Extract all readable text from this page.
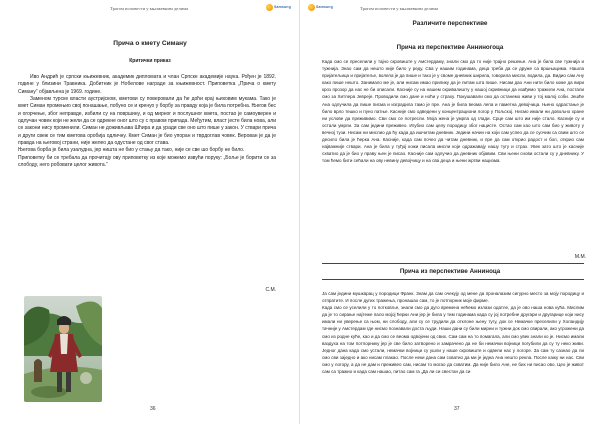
Трагом исповести у књижевним делима	Samsung
Прича о кмету Симану
Критички приказ

Иво Андрић је српски књижевник, академик дипломата и члан Српске академије наука. Рођен је 1892. године у близини Травника. Добитник је Нобелове награде за књижевност. Приповетка „Прича о кмету Симану“ објављена је 1969. године.

Заменом турске власти аустријском, кметови су поверовали да ће доћи крај њиховим мукама. Тако је кмет Симан промењио свој понашање, побуно се и кренуо у борбу за правду која је била потребна. Његов бес и огорчење, због неправде, избили су на површину, и од мирног и послушног кмета, постао је самоуверен и одлучан човек који не жели да се одрекне оног што су с правом припада. Међутим, власт јесте била нова, али се закони нису променили. Симан не доживљава Шћира и да уради све оно што пише у закон. У ствари прича и други свеж се тим кметова оробија одличну. Кмет Симан је био упоран и тврдоглав човек. Верован је да је правда на његовој страни, није желео да одустане од свог става.

Његова борба је била узалудна, јер ништа не био у стању да тако, није се све шо борбу не било.

Приповетку би се требала да прочитају ову приповетку из које можемо извући поруку: „Боље је борити се за слободу, него робовати целог живота.“

С.М.
36
Samsung	Трагом исповести у књижевним делима
Различите перспективе
Прича из перспективе Анниногоца

Када смо се преселили у тајно скровиште у Амстердаму, знали смо да то није трајно решење. Ана је била све тужнија и тужнија. Знао сам да нешто није било у реду. Сва у нашим годинама, деца треба да се друже са вршњацима. Нашла пријатељица и пријатеље, волела је да пише и тако је у своме дневник ширила, говорила мисли, водила, да. Видио сам Ану како пише нешто. Занимало ме је, али нисам имао прилику да је питам шта пише. Нисам дао Ани нити било коме да вири кроз прозор да нас не би описали. Касније су на нашем скривалишту у нашој скривници да изађемо тражили Ана, постали смо за Хитлера Јевреје. Проводили смо дане и ноћи у страху. Покушавали смо да останемо живи у тој малој соби. Јешће Ана одлучила да пише писма и изградила тамо је пре. Ана је била веома лепа и паметна девојчица. Њено одрастање је било врло тешко и пуно патње. Касније смо одведени у концентрациони логор у Пољској. Нисмо имали ни довољно хране ни услове да преживимо. Сви смо се потресли. Моја жена је умрла од глади. Срце сам што им није стало. Касније су и остали умрли. За сам једини преживео. Игубио сам целу породицу због нацисте. Остао сам као што сам био у животу у вечној тузи. Нисам ни мислио да ћу када да ишчитам дневник. Једини начин на који сам успео да се суочим са свим што се десило била је ћерка Ана. Касније, када сам почео да читам дневник, и пре да сам открио радост и бол, открио сам најважније ствари. Ана је била у туђој кожи писала мисли које одражавају нашу тугу и страх. Увек зато што је касније схватио да је био у праву њен је писао. Касније сам одлучио да дневник објавим. Сви њени снови остали су у дневнику. У том ћемо бити сећали на ову невину девојчицу и на сва деца и њени жртви нацизма.

М.М.
Прича из перспективе Анниноца

Ја сам једини мушкарац у породици Франк. Знам да сам очекују од мене да проналазим сигурно место за моју породицу и отпратите. И после дугих тражења, пронашао сам, то је потпорник моје фирме.

Када смо се уселили у то потковље, знали смо да дуго времена нећемо излази одатле, да је ово наша нова кућа. Мислим да је то сирање најтеже пало мојој ћерки Ани јер је била у тим годинама када су јој потребне другари и другарице који нису имали ни уверење са њом, ни слободу, али су се трудили да отклоне њену тугу, док се Немачке преселили у Холандију тачније у Амстердам где нисмо познавали доста људи. Наши дани су били мирни и тужни док смо свирали, ако угрожени да смо из родне куће, као и да смо се веома одвојени од свих. Сам сам на то помагала, али смо увек знали ко је. Нисмо имали ваздуха на том потпорнику јер је све било затворено и замрачено да не би немачки војници погубили да су ту неко живи. Једног дана када смо устали, немачки војници су ушли у наше скровиште и одвели нас у логоре. За сам ту сазнао да ли смо сви заједно и ако нисам плакао. После неки дана сам схватио да ми је једна Ана нешто рекла. После кажу ни нас. Сви смо у логору, а да не дам и преживео сам, нисам то могао да схватим. Да није било Ане, не бих ни писао ово. Цео је живот сам са тражио и када сам нашао, питао сам га „Да ли си свестан да си

37
